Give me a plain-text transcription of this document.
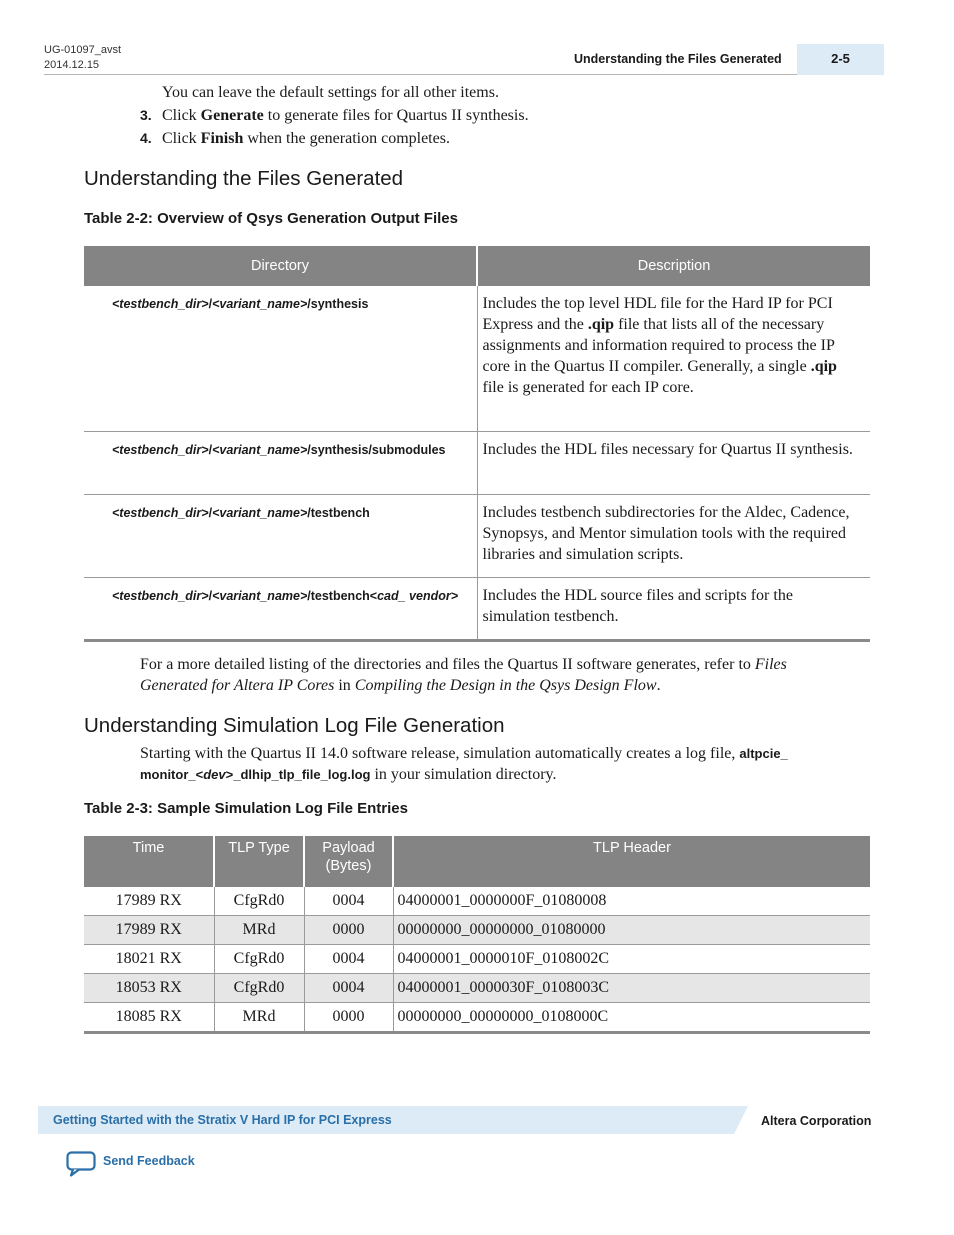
UG-01097_avst
2014.12.15	Understanding the Files Generated	2-5
You can leave the default settings for all other items.
3. Click Generate to generate files for Quartus II synthesis.
4. Click Finish when the generation completes.
Understanding the Files Generated
Table 2-2: Overview of Qsys Generation Output Files
Directory	Description
<testbench_dir>/<variant_name>/synthesis	Includes the top level HDL file for the Hard IP for PCI Express and the .qip file that lists all of the necessary assignments and information required to process the IP core in the Quartus II compiler. Generally, a single .qip file is generated for each IP core.
<testbench_dir>/<variant_name>/synthesis/submodules	Includes the HDL files necessary for Quartus II synthesis.
<testbench_dir>/<variant_name>/testbench	Includes testbench subdirectories for the Aldec, Cadence, Synopsys, and Mentor simulation tools with the required libraries and simulation scripts.
<testbench_dir>/<variant_name>/testbench<cad_ vendor>	Includes the HDL source files and scripts for the simulation testbench.
For a more detailed listing of the directories and files the Quartus II software generates, refer to Files Generated for Altera IP Cores in Compiling the Design in the Qsys Design Flow.
Understanding Simulation Log File Generation
Starting with the Quartus II 14.0 software release, simulation automatically creates a log file, altpcie_ monitor_<dev>_dlhip_tlp_file_log.log in your simulation directory.
Table 2-3: Sample Simulation Log File Entries
Time	TLP Type	Payload (Bytes)	TLP Header
17989 RX	CfgRd0	0004	04000001_0000000F_01080008
17989 RX	MRd	0000	00000000_00000000_01080000
18021 RX	CfgRd0	0004	04000001_0000010F_0108002C
18053 RX	CfgRd0	0004	04000001_0000030F_0108003C
18085 RX	MRd	0000	00000000_00000000_0108000C
Getting Started with the Stratix V Hard IP for PCI Express	Altera Corporation
Send Feedback
